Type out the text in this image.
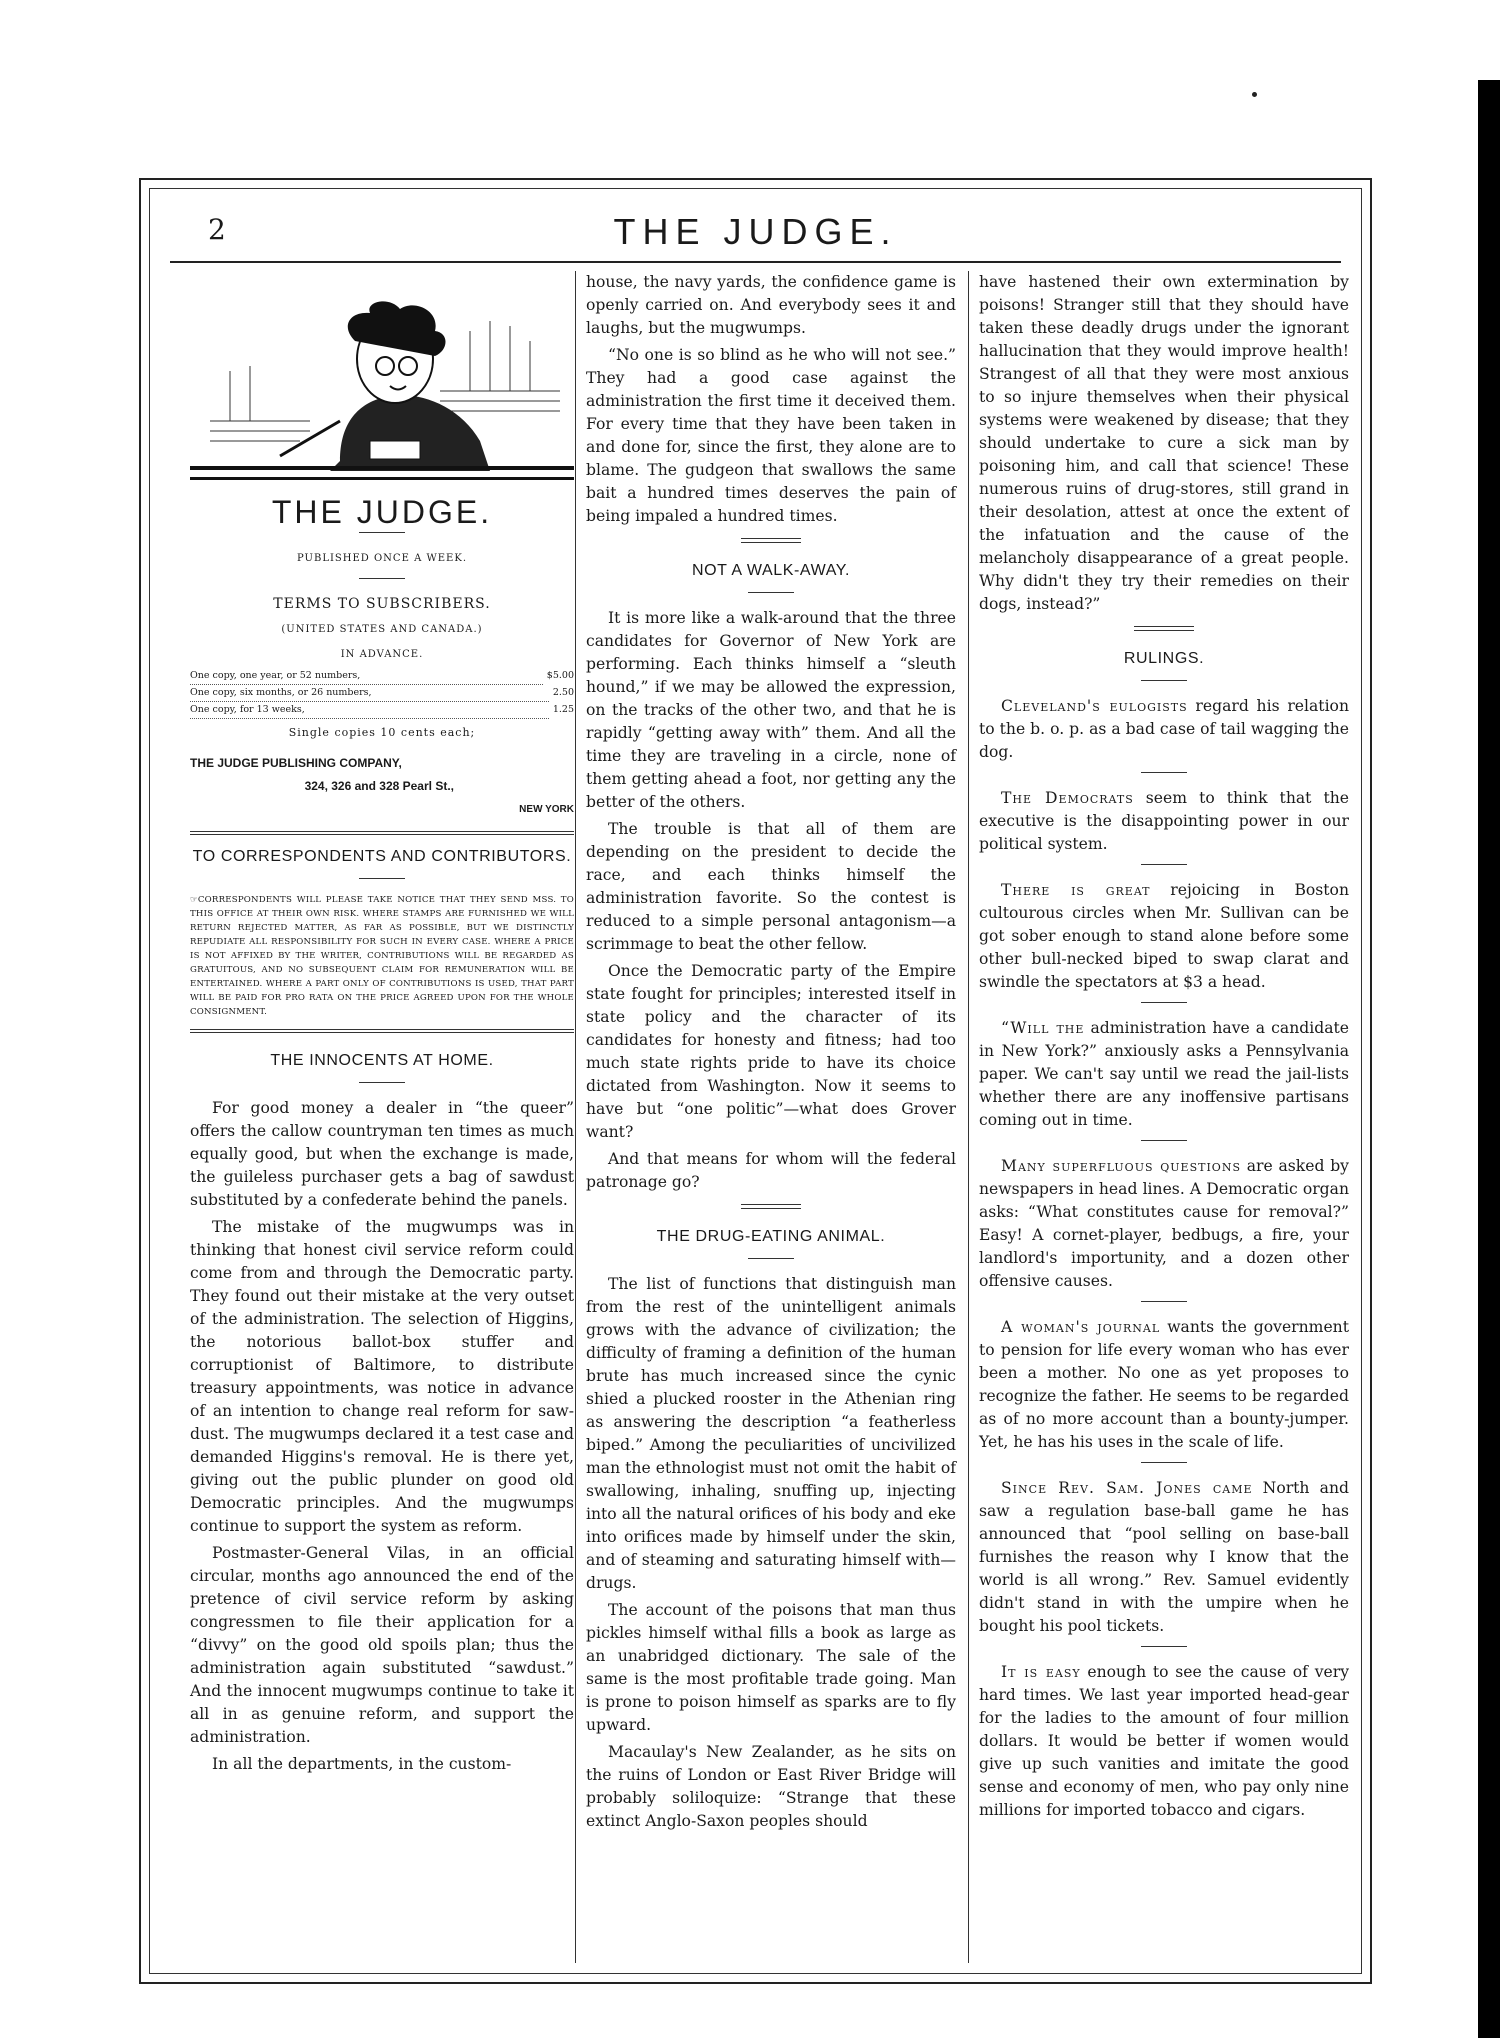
2	THE JUDGE.
THE JUDGE.
PUBLISHED ONCE A WEEK.
TERMS TO SUBSCRIBERS.
(UNITED STATES AND CANADA.)
IN ADVANCE.
One copy, one year, or 52 numbers,	$5.00
One copy, six months, or 26 numbers,	2.50
One copy, for 13 weeks,	1.25
Single copies 10 cents each;
THE JUDGE PUBLISHING COMPANY,
324, 326 and 328 Pearl St.,
NEW YORK
TO CORRESPONDENTS AND CONTRIBUTORS.
☞CORRESPONDENTS WILL PLEASE TAKE NOTICE THAT THEY SEND MSS. TO THIS OFFICE AT THEIR OWN RISK. WHERE STAMPS ARE FURNISHED WE WILL RETURN REJECTED MATTER, AS FAR AS POSSIBLE, BUT WE DISTINCTLY REPUDIATE ALL RESPONSIBILITY FOR SUCH IN EVERY CASE. WHERE A PRICE IS NOT AFFIXED BY THE WRITER, CONTRIBUTIONS WILL BE REGARDED AS GRATUITOUS, AND NO SUBSEQUENT CLAIM FOR REMUNERATION WILL BE ENTERTAINED. WHERE A PART ONLY OF CONTRIBUTIONS IS USED, THAT PART WILL BE PAID FOR PRO RATA ON THE PRICE AGREED UPON FOR THE WHOLE CONSIGNMENT.
THE INNOCENTS AT HOME.

For good money a dealer in “the queer” offers the callow countryman ten times as much equally good, but when the exchange is made, the guileless purchaser gets a bag of sawdust substituted by a confederate behind the panels.

The mistake of the mugwumps was in thinking that honest civil service reform could come from and through the Democratic party. They found out their mistake at the very outset of the administration. The selection of Higgins, the notorious ballot-box stuffer and corruptionist of Baltimore, to distribute treasury appointments, was notice in advance of an intention to change real reform for saw-dust. The mugwumps declared it a test case and demanded Higgins's removal. He is there yet, giving out the public plunder on good old Democratic principles. And the mugwumps continue to support the system as reform.

Postmaster-General Vilas, in an official circular, months ago announced the end of the pretence of civil service reform by asking congressmen to file their application for a “divvy” on the good old spoils plan; thus the administration again substituted “sawdust.” And the innocent mugwumps continue to take it all in as genuine reform, and support the administration.

In all the departments, in the custom-

house, the navy yards, the confidence game is openly carried on. And everybody sees it and laughs, but the mugwumps.

“No one is so blind as he who will not see.” They had a good case against the administration the first time it deceived them. For every time that they have been taken in and done for, since the first, they alone are to blame. The gudgeon that swallows the same bait a hundred times deserves the pain of being impaled a hundred times.

NOT A WALK-AWAY.

It is more like a walk-around that the three candidates for Governor of New York are performing. Each thinks himself a “sleuth hound,” if we may be allowed the expression, on the tracks of the other two, and that he is rapidly “getting away with” them. And all the time they are traveling in a circle, none of them getting ahead a foot, nor getting any the better of the others.

The trouble is that all of them are depending on the president to decide the race, and each thinks himself the administration favorite. So the contest is reduced to a simple personal antagonism—a scrimmage to beat the other fellow.

Once the Democratic party of the Empire state fought for principles; interested itself in state policy and the character of its candidates for honesty and fitness; had too much state rights pride to have its choice dictated from Washington. Now it seems to have but “one politic”—what does Grover want?

And that means for whom will the federal patronage go?

THE DRUG-EATING ANIMAL.

The list of functions that distinguish man from the rest of the unintelligent animals grows with the advance of civilization; the difficulty of framing a definition of the human brute has much increased since the cynic shied a plucked rooster in the Athenian ring as answering the description “a featherless biped.” Among the peculiarities of uncivilized man the ethnologist must not omit the habit of swallowing, inhaling, snuffing up, injecting into all the natural orifices of his body and eke into orifices made by himself under the skin, and of steaming and saturating himself with—drugs.

The account of the poisons that man thus pickles himself withal fills a book as large as an unabridged dictionary. The sale of the same is the most profitable trade going. Man is prone to poison himself as sparks are to fly upward.

Macaulay's New Zealander, as he sits on the ruins of London or East River Bridge will probably soliloquize: “Strange that these extinct Anglo-Saxon peoples should

have hastened their own extermination by poisons! Stranger still that they should have taken these deadly drugs under the ignorant hallucination that they would improve health! Strangest of all that they were most anxious to so injure themselves when their physical systems were weakened by disease; that they should undertake to cure a sick man by poisoning him, and call that science! These numerous ruins of drug-stores, still grand in their desolation, attest at once the extent of the infatuation and the cause of the melancholy disappearance of a great people. Why didn't they try their remedies on their dogs, instead?”

RULINGS.

Cleveland's eulogists regard his relation to the b. o. p. as a bad case of tail wagging the dog.

The Democrats seem to think that the executive is the disappointing power in our political system.

There is great rejoicing in Boston cultourous circles when Mr. Sullivan can be got sober enough to stand alone before some other bull-necked biped to swap clarat and swindle the spectators at $3 a head.

“Will the administration have a candidate in New York?” anxiously asks a Pennsylvania paper. We can't say until we read the jail-lists whether there are any inoffensive partisans coming out in time.

Many superfluous questions are asked by newspapers in head lines. A Democratic organ asks: “What constitutes cause for removal?” Easy! A cornet-player, bedbugs, a fire, your landlord's importunity, and a dozen other offensive causes.

A woman's journal wants the government to pension for life every woman who has ever been a mother. No one as yet proposes to recognize the father. He seems to be regarded as of no more account than a bounty-jumper. Yet, he has his uses in the scale of life.

Since Rev. Sam. Jones came North and saw a regulation base-ball game he has announced that “pool selling on base-ball furnishes the reason why I know that the world is all wrong.” Rev. Samuel evidently didn't stand in with the umpire when he bought his pool tickets.

It is easy enough to see the cause of very hard times. We last year imported head-gear for the ladies to the amount of four million dollars. It would be better if women would give up such vanities and imitate the good sense and economy of men, who pay only nine millions for imported tobacco and cigars.

comicbooks.com
